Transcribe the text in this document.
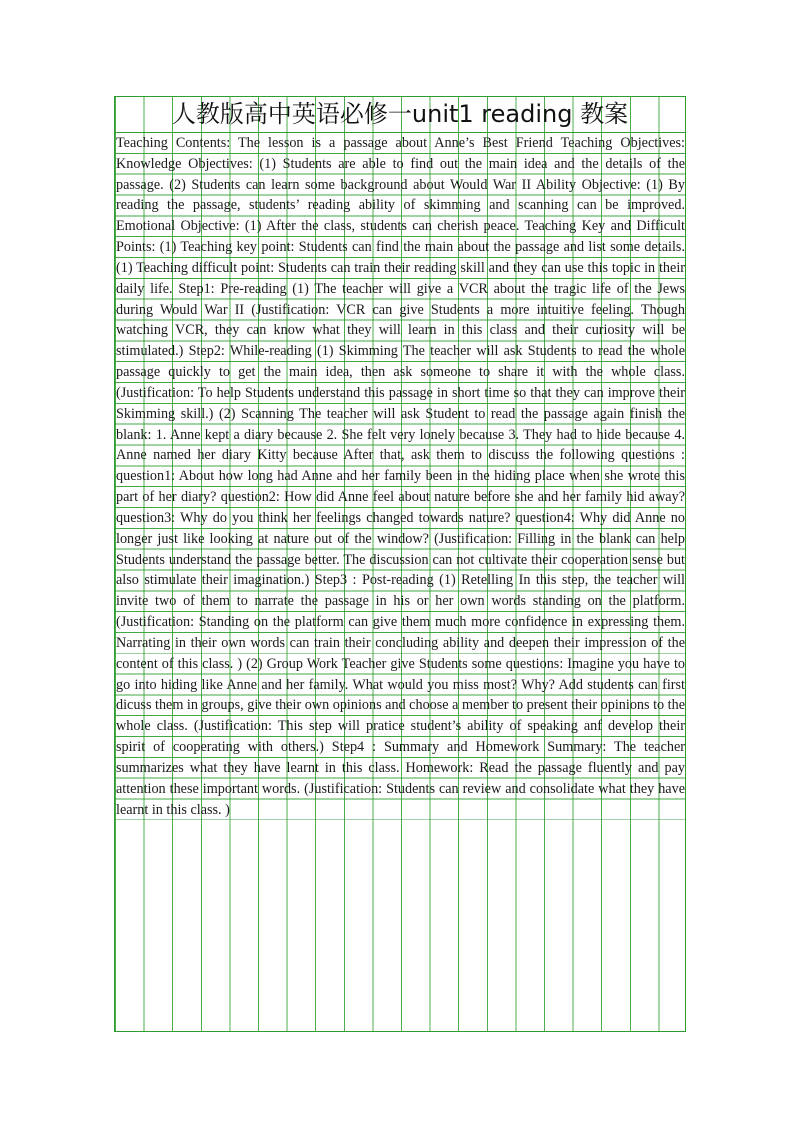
人教版高中英语必修一unit1 reading 教案

Teaching Contents: The lesson is a passage about Anne’s Best Friend Teaching Objectives: Knowledge Objectives: (1) Students are able to find out the main idea and the details of the passage. (2) Students can learn some background about Would War II Ability Objective: (1) By reading the passage, students’ reading ability of skimming and scanning can be improved. Emotional Objective: (1) After the class, students can cherish peace. Teaching Key and Difficult Points: (1) Teaching key point: Students can find the main about the passage and list some details. (1) Teaching difficult point: Students can train their reading skill and they can use this topic in their daily life. Step1: Pre-reading (1) The teacher will give a VCR about the tragic life of the Jews during Would War II (Justification: VCR can give Students a more intuitive feeling. Though watching VCR, they can know what they will learn in this class and their curiosity will be stimulated.) Step2: While-reading (1) Skimming The teacher will ask Students to read the whole passage quickly to get the main idea, then ask someone to share it with the whole class. (Justification: To help Students understand this passage in short time so that they can improve their Skimming skill.) (2) Scanning The teacher will ask Student to read the passage again finish the blank: 1. Anne kept a diary because 2. She felt very lonely because 3. They had to hide because 4. Anne named her diary Kitty because After that, ask them to discuss the following questions : question1: About how long had Anne and her family been in the hiding place when she wrote this part of her diary? question2: How did Anne feel about nature before she and her family hid away? question3: Why do you think her feelings changed towards nature? question4: Why did Anne no longer just like looking at nature out of the window? (Justification: Filling in the blank can help Students understand the passage better. The discussion can not cultivate their cooperation sense but also stimulate their imagination.) Step3 : Post-reading (1) Retelling In this step, the teacher will invite two of them to narrate the passage in his or her own words standing on the platform. (Justification: Standing on the platform can give them much more confidence in expressing them. Narrating in their own words can train their concluding ability and deepen their impression of the content of this class. ) (2) Group Work Teacher give Students some questions: Imagine you have to go into hiding like Anne and her family. What would you miss most? Why? Add students can first dicuss them in groups, give their own opinions and choose a member to present their opinions to the whole class. (Justification: This step will pratice student’s ability of speaking anf develop their spirit of cooperating with others.) Step4 : Summary and Homework Summary: The teacher summarizes what they have learnt in this class. Homework: Read the passage fluently and pay attention these important words. (Justification: Students can review and consolidate what they have learnt in this class. )
